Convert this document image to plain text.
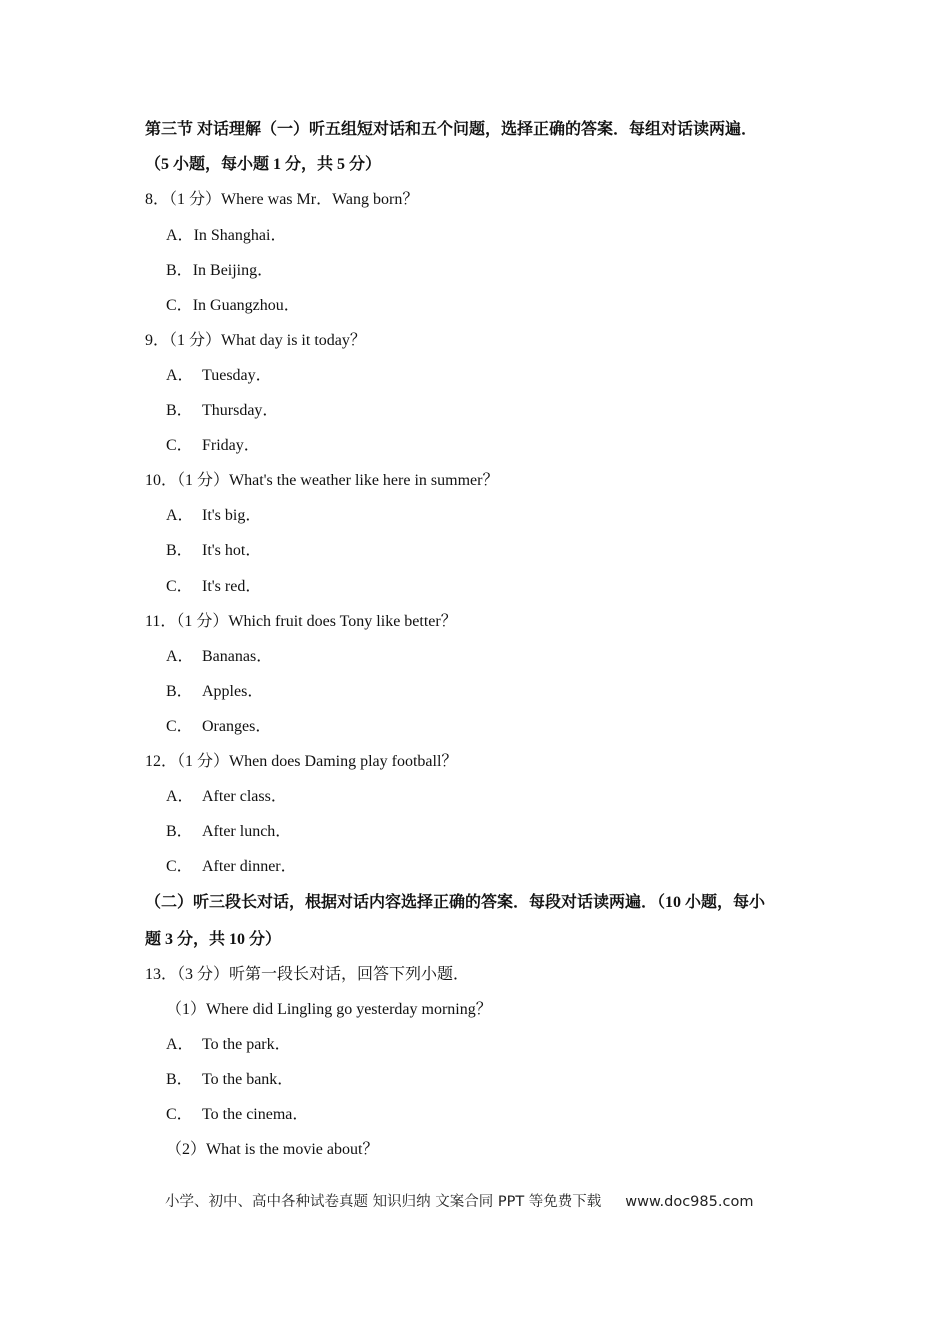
第三节 对话理解（一）听五组短对话和五个问题，选择正确的答案．每组对话读两遍．
（5 小题，每小题 1 分，共 5 分）
8．（1 分）Where was Mr．Wang born？
A．In Shanghai．
B．In Beijing．
C．In Guangzhou．
9．（1 分）What day is it today？
A． Tuesday．
B． Thursday．
C． Friday．
10．（1 分）What's the weather like here in summer？
A． It's big．
B． It's hot．
C． It's red．
11．（1 分）Which fruit does Tony like better？
A． Bananas．
B． Apples．
C． Oranges．
12．（1 分）When does Daming play football？
A． After class．
B． After lunch．
C． After dinner．
（二）听三段长对话，根据对话内容选择正确的答案．每段对话读两遍．（10 小题，每小
题 3 分，共 10 分）
13．（3 分）听第一段长对话，回答下列小题．
（1）Where did Lingling go yesterday morning？
A． To the park．
B． To the bank．
C． To the cinema．
（2）What is the movie about？
小学、初中、高中各种试卷真题 知识归纳 文案合同 PPT 等免费下载 www.doc985.com
